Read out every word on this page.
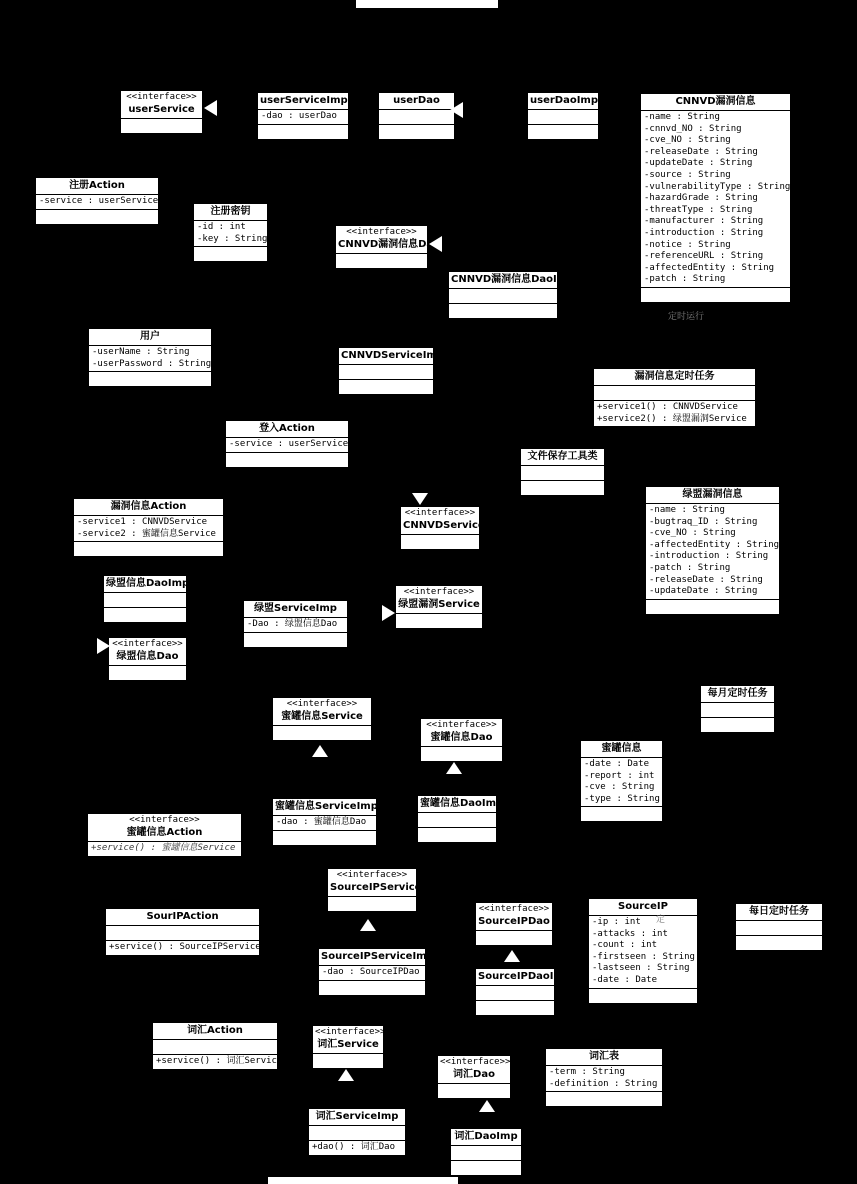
<<interface>>
userService
userServiceImp
-dao : userDao
userDao	userDaoImp	CNNVD漏洞信息
-name : String
-cnnvd_NO : String
-cve_NO : String
-releaseDate : String
-updateDate : String
-source : String
-vulnerabilityType : String
-hazardGrade : String
-threatType : String
-manufacturer : String
-introduction : String
-notice : String
-referenceURL : String
-affectedEntity : String
-patch : String
注册Action
-service : userService
注册密钥
-id : int
-key : String
<<interface>>
CNNVD漏洞信息Dao
CNNVD漏洞信息DaoImp
用户
-userName : String
-userPassword : String
CNNVDServiceImp
漏洞信息定时任务
+service1() : CNNVDService
+service2() : 绿盟漏洞Service
登入Action
-service : userService
文件保存工具类
漏洞信息Action
-service1 : CNNVDService
-service2 : 蜜罐信息Service
<<interface>>
CNNVDService
绿盟漏洞信息
-name : String
-bugtraq_ID : String
-cve_NO : String
-affectedEntity : String
-introduction : String
-patch : String
-releaseDate : String
-updateDate : String
绿盟信息DaoImp
绿盟ServiceImp
-Dao : 绿盟信息Dao
<<interface>>
绿盟漏洞Service
<<interface>>
绿盟信息Dao
<<interface>>
蜜罐信息Service
<<interface>>
蜜罐信息Dao
每月定时任务
蜜罐信息
-date : Date
-report : int
-cve : String
-type : String
<<interface>>
蜜罐信息Action
+service() : 蜜罐信息Service
蜜罐信息ServiceImp
-dao : 蜜罐信息Dao
蜜罐信息DaoImp
<<interface>>
SourceIPService
SourIPAction
+service() : SourceIPService
SourceIPServiceImp
-dao : SourceIPDao
<<interface>>
SourceIPDao
SourceIPDaoImp
SourceIP
-ip : int
-attacks : int
-count : int
-firstseen : String
-lastseen : String
-date : Date
每日定时任务
词汇Action
+service() : 词汇Service
<<interface>>
词汇Service
<<interface>>
词汇Dao
词汇表
-term : String
-definition : String
词汇ServiceImp
+dao() : 词汇Dao
词汇DaoImp
定时运行
定
